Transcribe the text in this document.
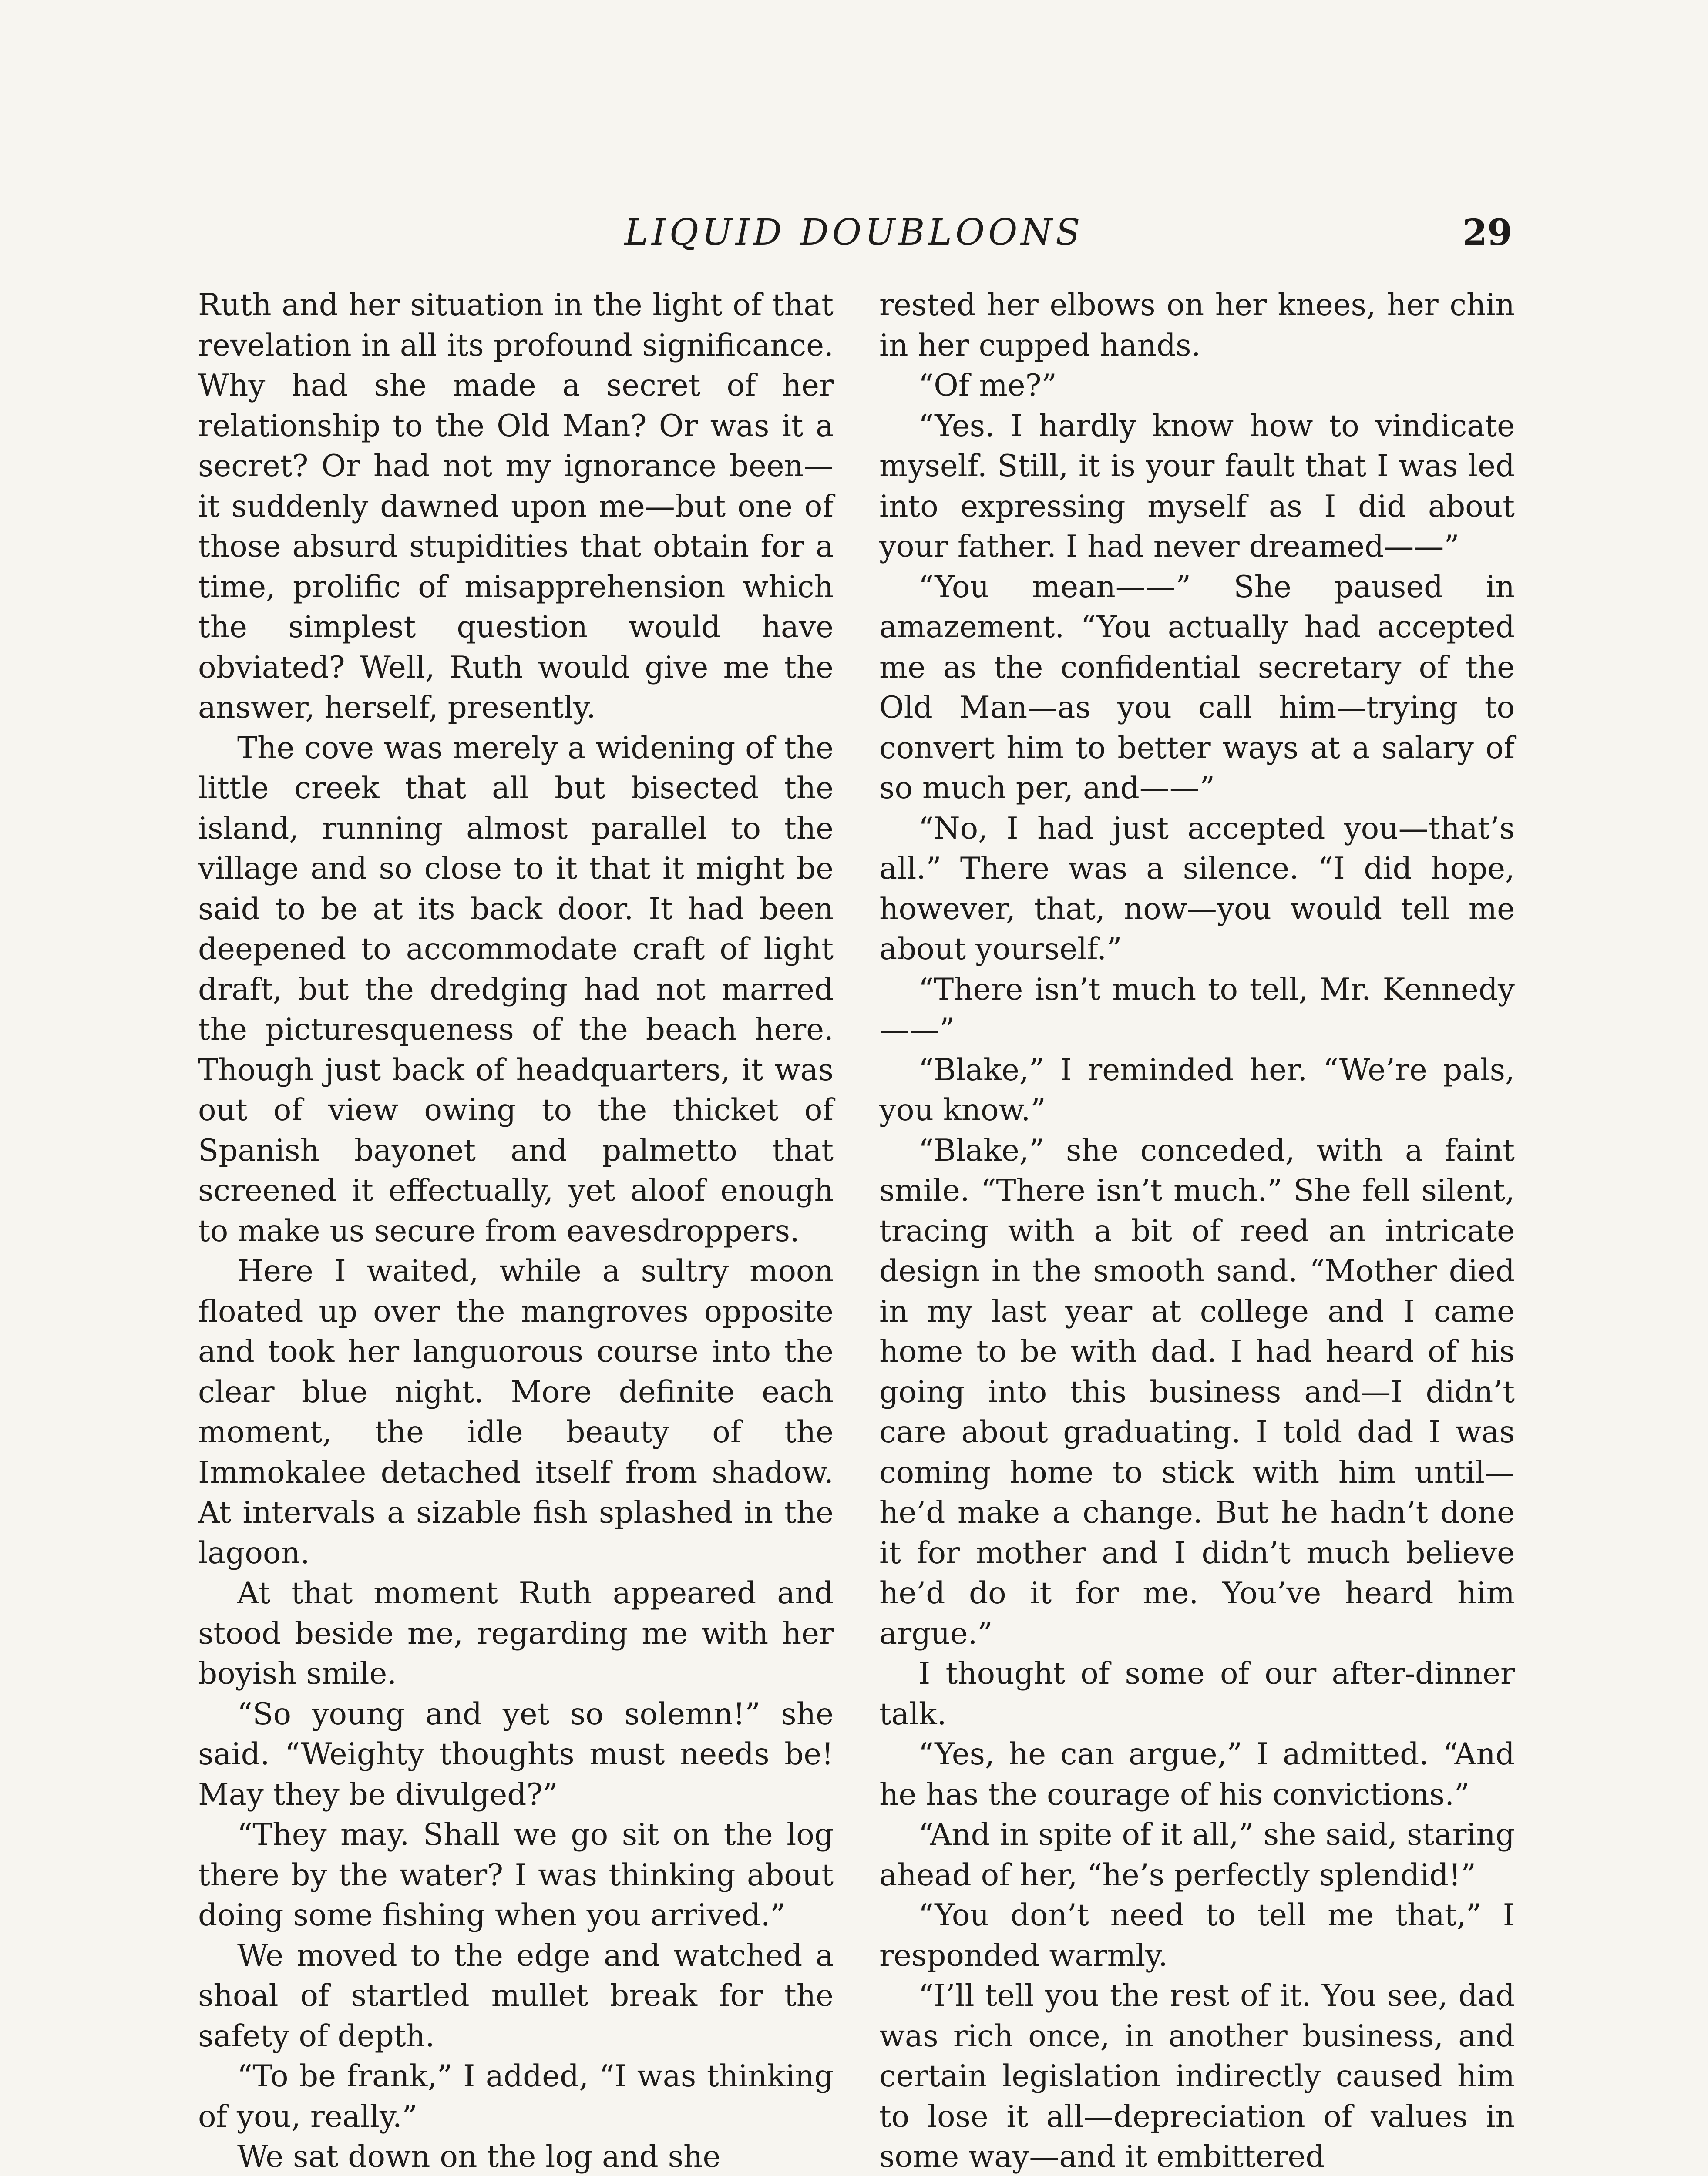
LIQUID DOUBLOONS	29

Ruth and her situation in the light of that revelation in all its profound significance. Why had she made a secret of her relationship to the Old Man? Or was it a secret? Or had not my ignorance been—it suddenly dawned upon me—but one of those absurd stupidities that obtain for a time, prolific of misapprehension which the simplest question would have obviated? Well, Ruth would give me the answer, herself, presently.

The cove was merely a widening of the little creek that all but bisected the island, running almost parallel to the village and so close to it that it might be said to be at its back door. It had been deepened to accommodate craft of light draft, but the dredging had not marred the picturesqueness of the beach here. Though just back of headquarters, it was out of view owing to the thicket of Spanish bayonet and palmetto that screened it effectually, yet aloof enough to make us secure from eavesdroppers.

Here I waited, while a sultry moon floated up over the mangroves opposite and took her languorous course into the clear blue night. More definite each moment, the idle beauty of the Immokalee detached itself from shadow. At intervals a sizable fish splashed in the lagoon.

At that moment Ruth appeared and stood beside me, regarding me with her boyish smile.

“So young and yet so solemn!” she said. “Weighty thoughts must needs be! May they be divulged?”

“They may. Shall we go sit on the log there by the water? I was thinking about doing some fishing when you arrived.”

We moved to the edge and watched a shoal of startled mullet break for the safety of depth.

“To be frank,” I added, “I was thinking of you, really.”

We sat down on the log and she

rested her elbows on her knees, her chin in her cupped hands.

“Of me?”

“Yes. I hardly know how to vindicate myself. Still, it is your fault that I was led into expressing myself as I did about your father. I had never dreamed——”

“You mean——” She paused in amazement. “You actually had accepted me as the confidential secretary of the Old Man—as you call him—trying to convert him to better ways at a salary of so much per, and——”

“No, I had just accepted you—that’s all.” There was a silence. “I did hope, however, that, now—you would tell me about yourself.”

“There isn’t much to tell, Mr. Kennedy——”

“Blake,” I reminded her. “We’re pals, you know.”

“Blake,” she conceded, with a faint smile. “There isn’t much.” She fell silent, tracing with a bit of reed an intricate design in the smooth sand. “Mother died in my last year at college and I came home to be with dad. I had heard of his going into this business and—I didn’t care about graduating. I told dad I was coming home to stick with him until—he’d make a change. But he hadn’t done it for mother and I didn’t much believe he’d do it for me. You’ve heard him argue.”

I thought of some of our after-dinner talk.

“Yes, he can argue,” I admitted. “And he has the courage of his convictions.”

“And in spite of it all,” she said, staring ahead of her, “he’s perfectly splendid!”

“You don’t need to tell me that,” I responded warmly.

“I’ll tell you the rest of it. You see, dad was rich once, in another business, and certain legislation indirectly caused him to lose it all—depreciation of values in some way—and it embittered
